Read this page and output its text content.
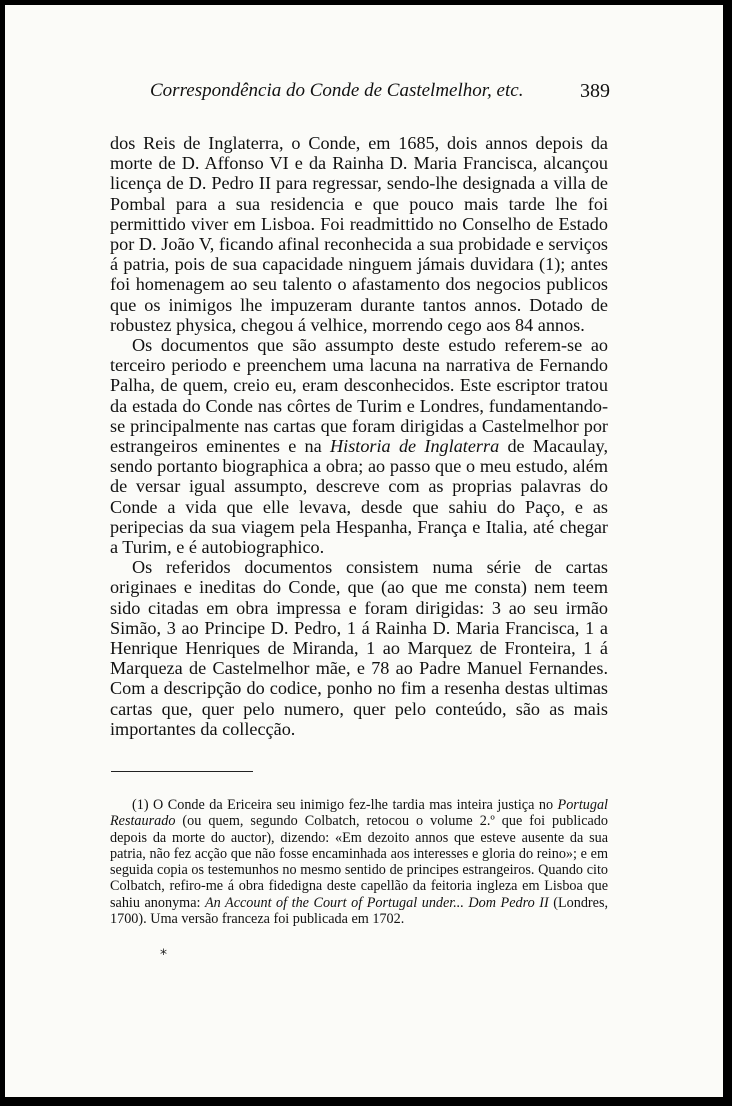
Correspondência do Conde de Castelmelhor, etc.	389

dos Reis de Inglaterra, o Conde, em 1685, dois annos depois da morte de D. Affonso VI e da Rainha D. Maria Francisca, alcançou licença de D. Pedro II para regressar, sendo-lhe designada a villa de Pombal para a sua residencia e que pouco mais tarde lhe foi permittido viver em Lisboa. Foi readmittido no Conselho de Estado por D. João V, ficando afinal reconhecida a sua probidade e serviços á patria, pois de sua capacidade ninguem jámais duvidara (1); antes foi homenagem ao seu talento o afastamento dos negocios publicos que os inimigos lhe impuzeram durante tantos annos. Dotado de robustez physica, chegou á velhice, morrendo cego aos 84 annos.

Os documentos que são assumpto deste estudo referem-se ao terceiro periodo e preenchem uma lacuna na narrativa de Fernando Palha, de quem, creio eu, eram desconhecidos. Este escriptor tratou da estada do Conde nas côrtes de Turim e Londres, fundamentando-se principalmente nas cartas que foram dirigidas a Castelmelhor por estrangeiros eminentes e na Historia de Inglaterra de Macaulay, sendo portanto biographica a obra; ao passo que o meu estudo, além de versar igual assumpto, descreve com as proprias palavras do Conde a vida que elle levava, desde que sahiu do Paço, e as peripecias da sua viagem pela Hespanha, França e Italia, até chegar a Turim, e é autobiographico.

Os referidos documentos consistem numa série de cartas originaes e ineditas do Conde, que (ao que me consta) nem teem sido citadas em obra impressa e foram dirigidas: 3 ao seu irmão Simão, 3 ao Principe D. Pedro, 1 á Rainha D. Maria Francisca, 1 a Henrique Henriques de Miranda, 1 ao Marquez de Fronteira, 1 á Marqueza de Castelmelhor mãe, e 78 ao Padre Manuel Fernandes. Com a descripção do codice, ponho no fim a resenha destas ultimas cartas que, quer pelo numero, quer pelo conteúdo, são as mais importantes da collecção.

(1) O Conde da Ericeira seu inimigo fez-lhe tardia mas inteira justiça no Portugal Restaurado (ou quem, segundo Colbatch, retocou o volume 2.º que foi publicado depois da morte do auctor), dizendo: «Em dezoito annos que esteve ausente da sua patria, não fez acção que não fosse encaminhada aos interesses e gloria do reino»; e em seguida copia os testemunhos no mesmo sentido de principes estrangeiros. Quando cito Colbatch, refiro-me á obra fidedigna deste capellão da feitoria ingleza em Lisboa que sahiu anonyma: An Account of the Court of Portugal under... Dom Pedro II (Londres, 1700). Uma versão franceza foi publicada em 1702.

*
